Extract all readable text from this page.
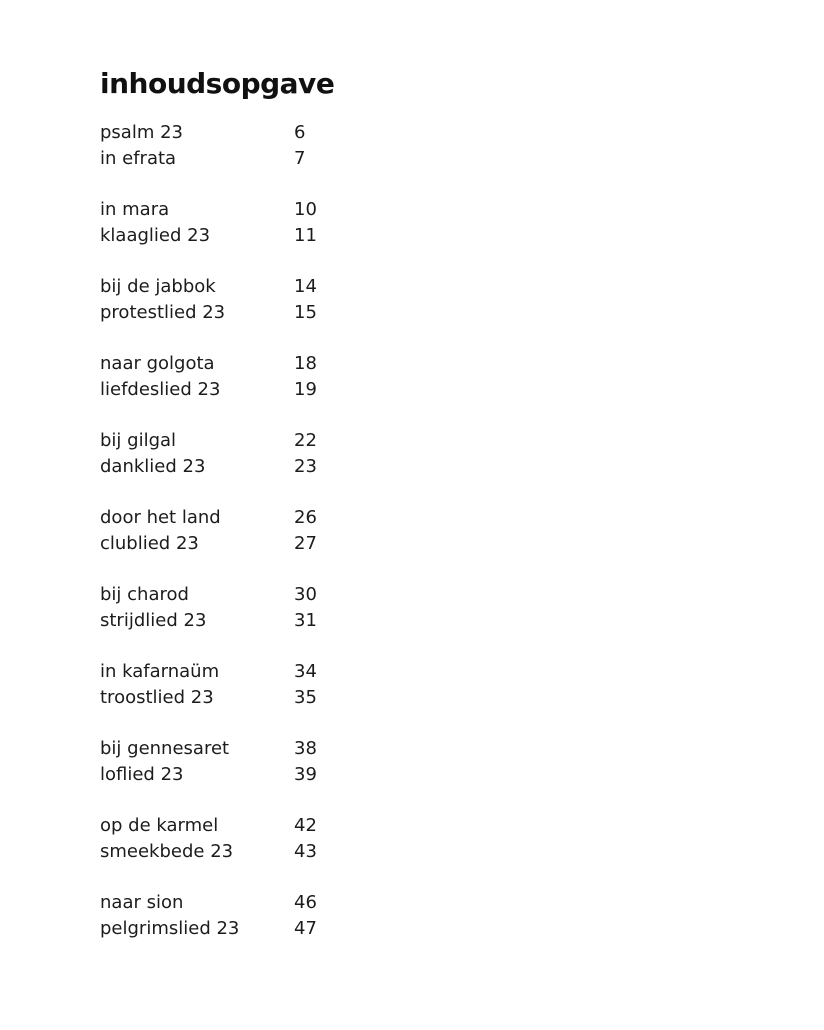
inhoudsopgave
psalm 23	6
in efrata	7
in mara	10
klaaglied 23	11
bij de jabbok	14
protestlied 23	15
naar golgota	18
liefdeslied 23	19
bij gilgal	22
danklied 23	23
door het land	26
clublied 23	27
bij charod	30
strijdlied 23	31
in kafarnaüm	34
troostlied 23	35
bij gennesaret	38
loflied 23	39
op de karmel	42
smeekbede 23	43
naar sion	46
pelgrimslied 23	47
